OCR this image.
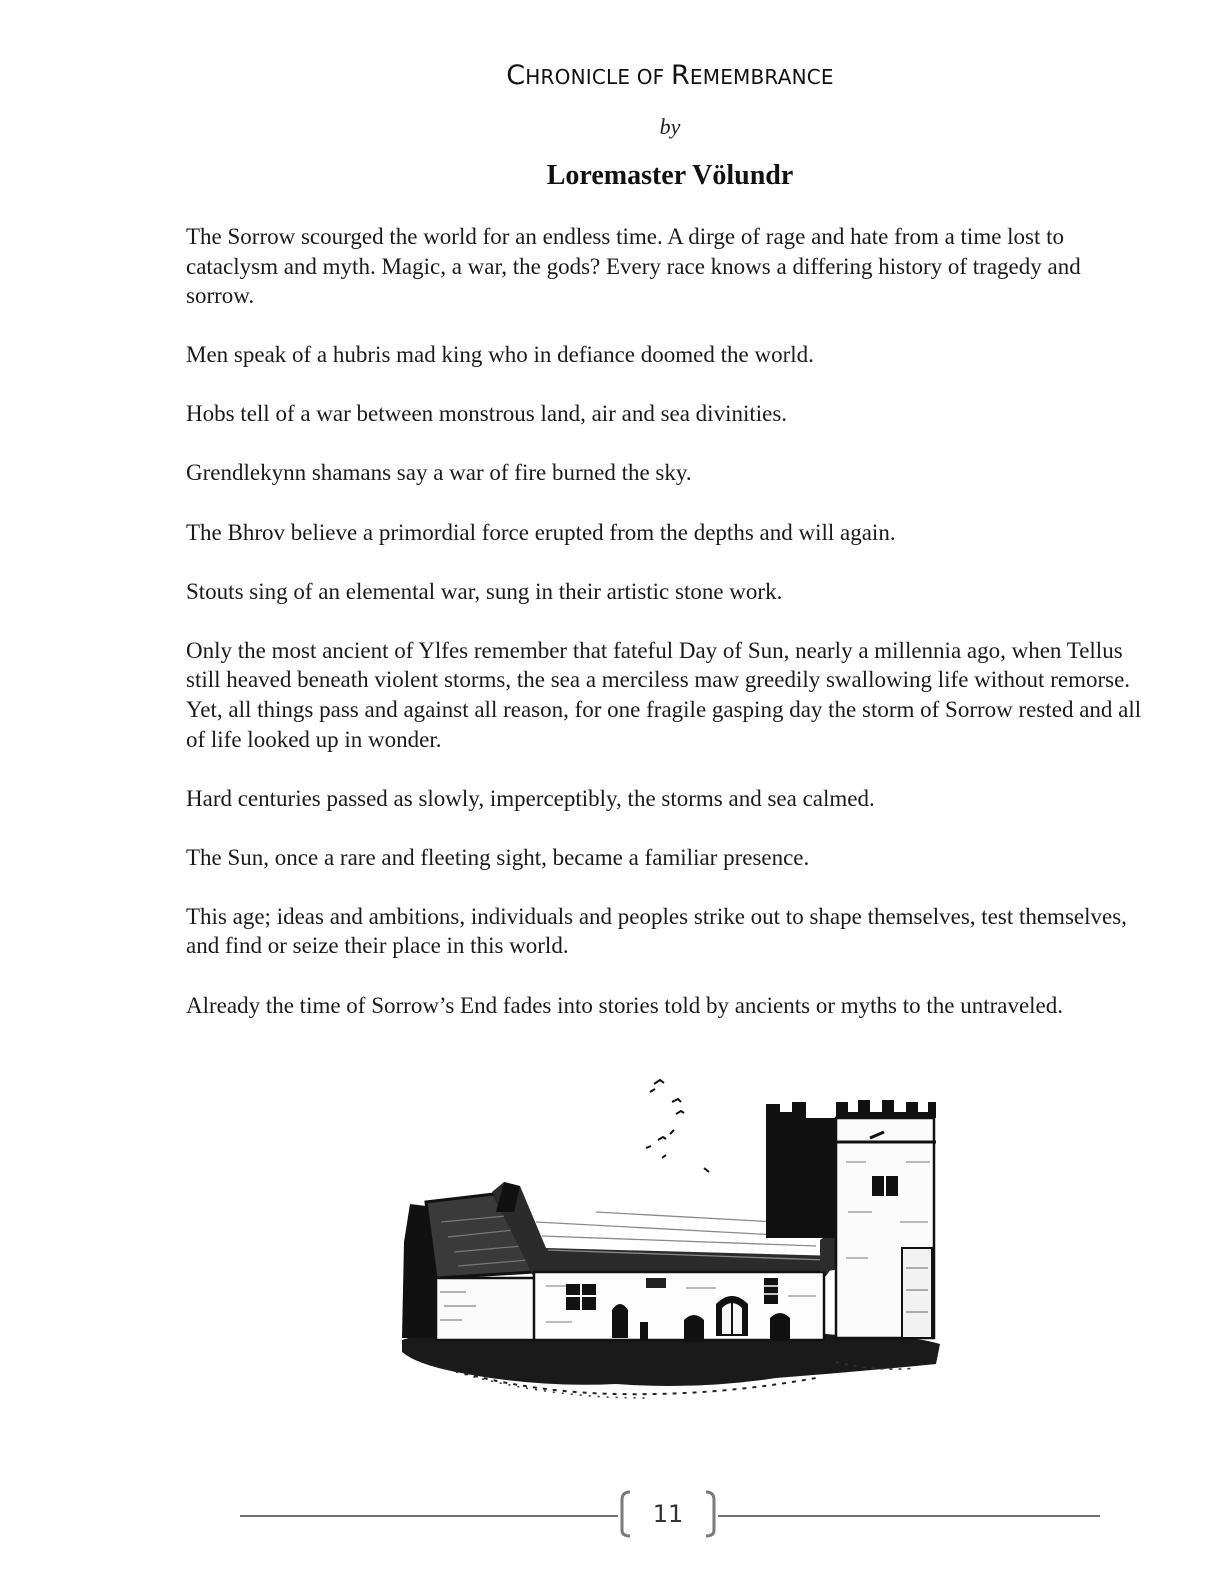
CHRONICLE OF REMEMBRANCE
by
Loremaster Völundr

The Sorrow scourged the world for an endless time. A dirge of rage and hate from a time lost to cataclysm and myth. Magic, a war, the gods? Every race knows a differing history of tragedy and sorrow.

Men speak of a hubris mad king who in defiance doomed the world.

Hobs tell of a war between monstrous land, air and sea divinities.

Grendlekynn shamans say a war of fire burned the sky.

The Bhrov believe a primordial force erupted from the depths and will again.

Stouts sing of an elemental war, sung in their artistic stone work.

Only the most ancient of Ylfes remember that fateful Day of Sun, nearly a millennia ago, when Tellus still heaved beneath violent storms, the sea a merciless maw greedily swallowing life without remorse. Yet, all things pass and against all reason, for one fragile gasping day the storm of Sorrow rested and all of life looked up in wonder.

Hard centuries passed as slowly, imperceptibly, the storms and sea calmed.

The Sun, once a rare and fleeting sight, became a familiar presence.

This age; ideas and ambitions, individuals and peoples strike out to shape themselves, test themselves, and find or seize their place in this world.

Already the time of Sorrow’s End fades into stories told by ancients or myths to the untraveled.

11
